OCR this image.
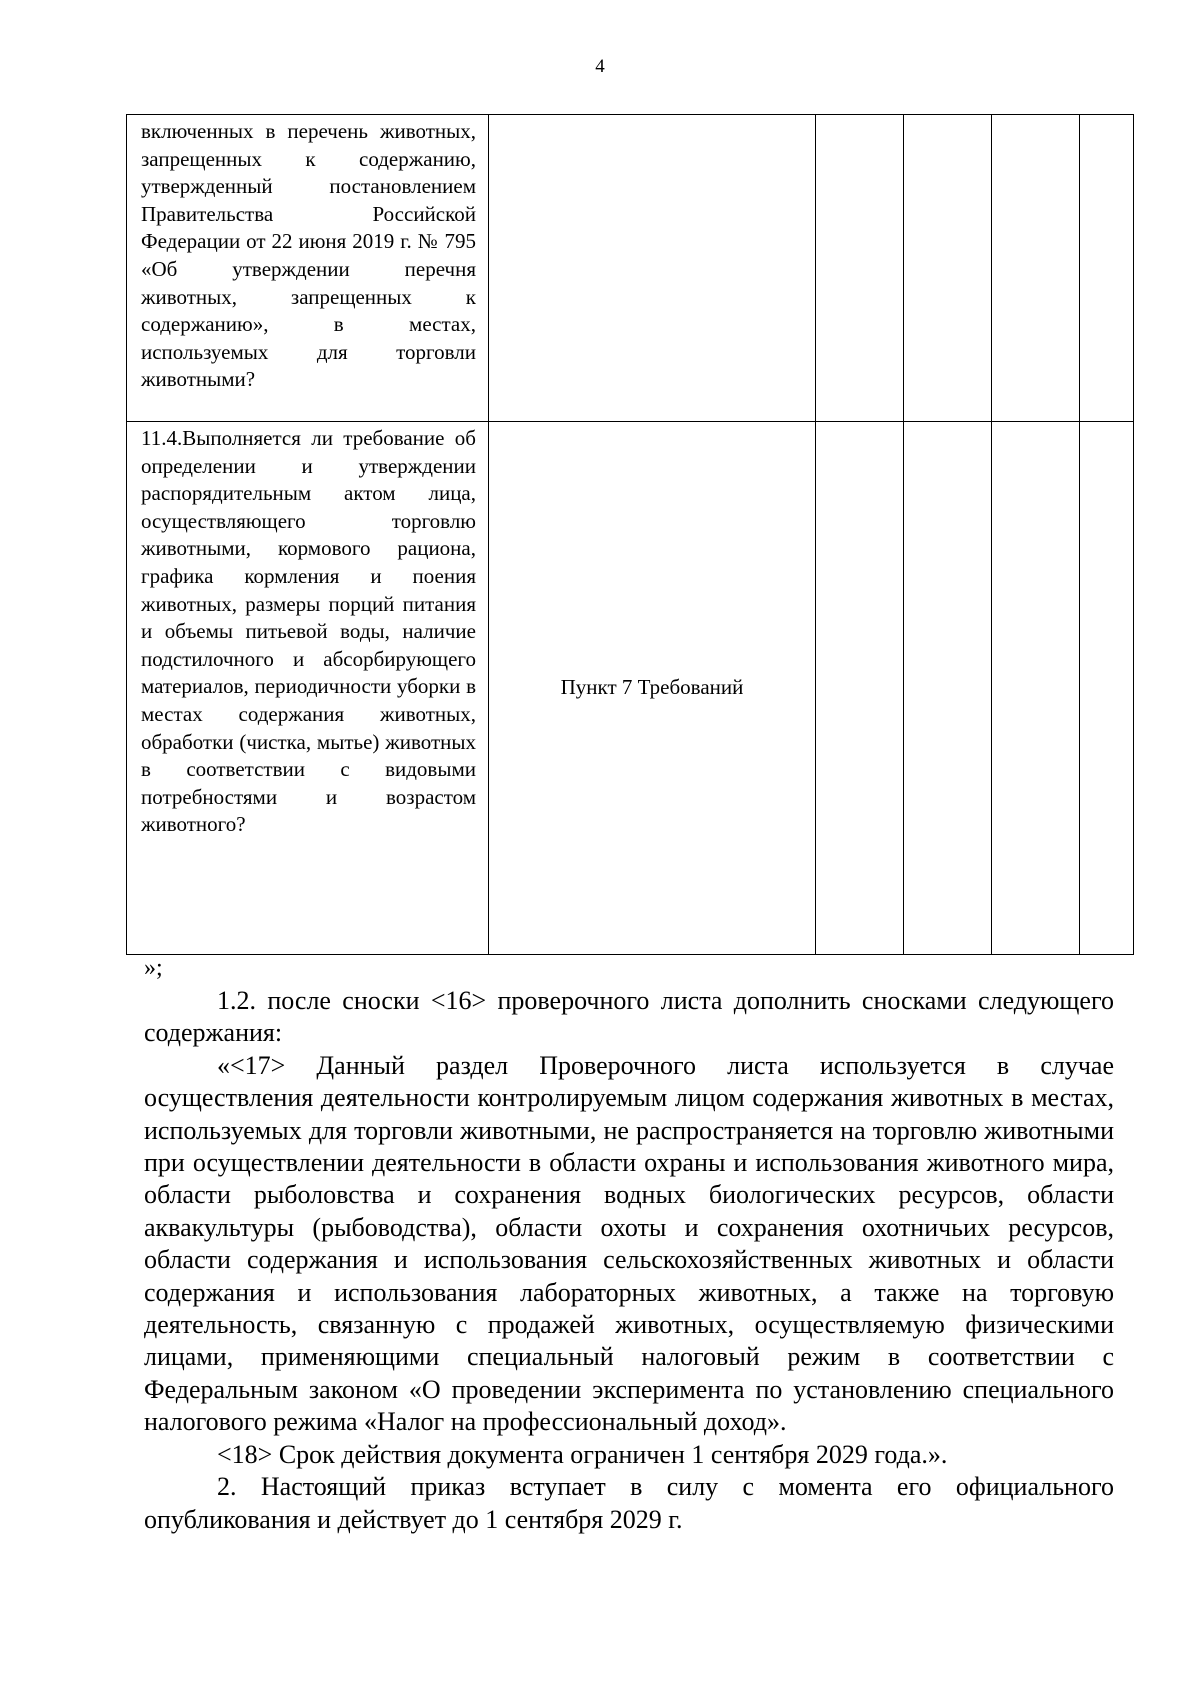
4
включенных в перечень животных, запрещенных к содержанию, утвержденный постановлением Правительства Российской Федерации от 22 июня 2019 г. № 795 «Об утверждении перечня животных, запрещенных к содержанию», в местах, используемых для торговли животными?					

11.4.Выполняется ли требование об определении и утверждении распорядительным актом лица, осуществляющего торговлю животными, кормового рациона, графика кормления и поения животных, размеры порций питания и объемы питьевой воды, наличие подстилочного и абсорбирующего материалов, периодичности уборки в местах содержания животных, обработки (чистка, мытье) животных в соответствии с видовыми потребностями и возрастом животного?	Пункт 7 Требований				
»;

1.2. после сноски <16> проверочного листа дополнить сносками следующего содержания:

«<17> Данный раздел Проверочного листа используется в случае осуществления деятельности контролируемым лицом содержания животных в местах, используемых для торговли животными, не распространяется на торговлю животными при осуществлении деятельности в области охраны и использования животного мира, области рыболовства и сохранения водных биологических ресурсов, области аквакультуры (рыбоводства), области охоты и сохранения охотничьих ресурсов, области содержания и использования сельскохозяйственных животных и области содержания и использования лабораторных животных, а также на торговую деятельность, связанную с продажей животных, осуществляемую физическими лицами, применяющими специальный налоговый режим в соответствии с Федеральным законом «О проведении эксперимента по установлению специального налогового режима «Налог на профессиональный доход».

<18> Срок действия документа ограничен 1 сентября 2029 года.».

2. Настоящий приказ вступает в силу с момента его официального опубликования и действует до 1 сентября 2029 г.
